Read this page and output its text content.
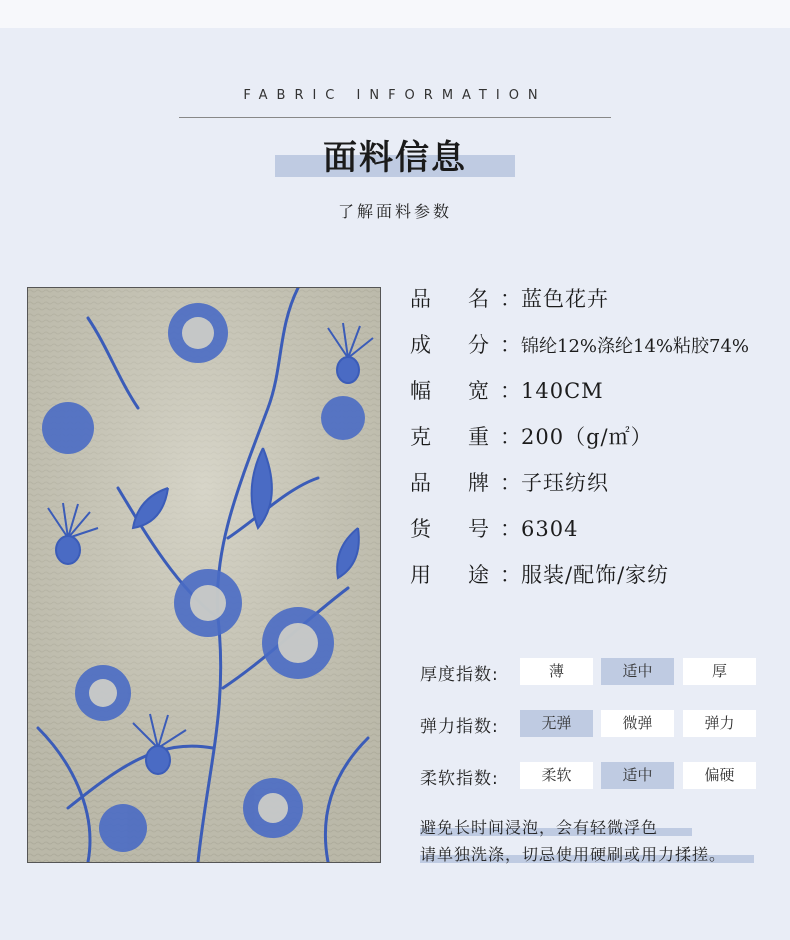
FABRIC INFORMATION
面料信息
了解面料参数
品 名 ：蓝色花卉
成 分 ：锦纶12%涤纶14%粘胶74%
幅 宽 ：140CM
克 重 ：200（g/㎡）
品 牌 ：子珏纺织
货 号 ：6304
用 途 ：服装/配饰/家纺
厚度指数:	薄	适中	厚
弹力指数:	无弹	微弹	弹力
柔软指数:	柔软	适中	偏硬
避免长时间浸泡，会有轻微浮色
请单独洗涤，切忌使用硬刷或用力揉搓。
